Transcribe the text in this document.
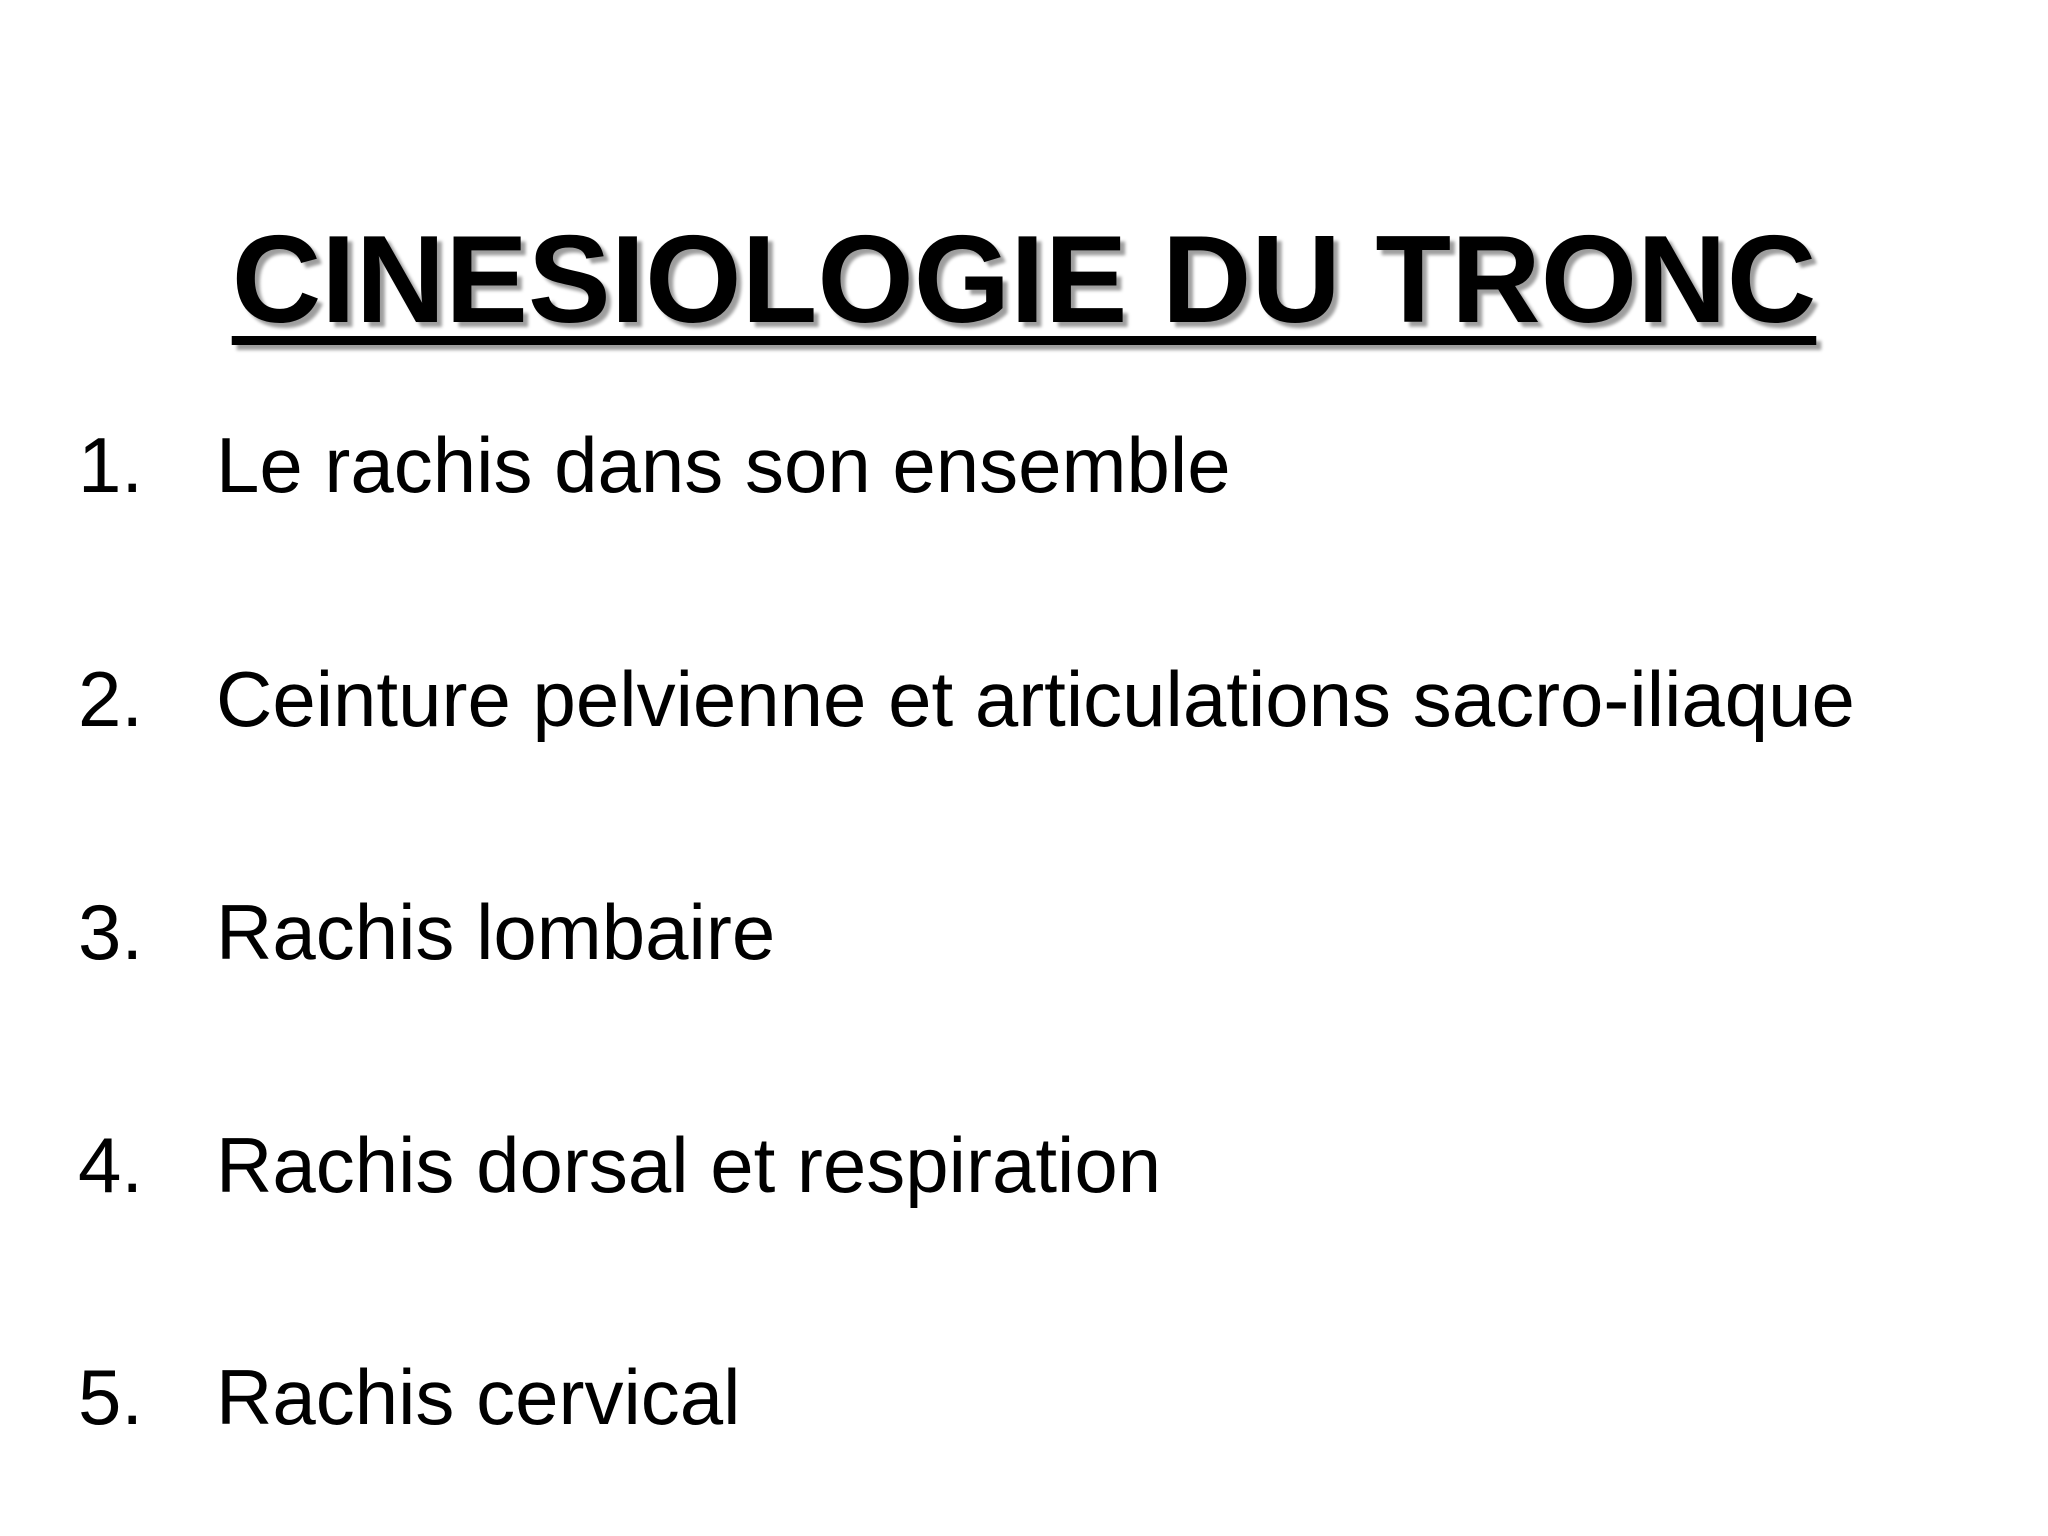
CINESIOLOGIE DU TRONC
1. Le rachis dans son ensemble
2. Ceinture pelvienne et articulations sacro-iliaque
3. Rachis lombaire
4. Rachis dorsal et respiration
5. Rachis cervical
